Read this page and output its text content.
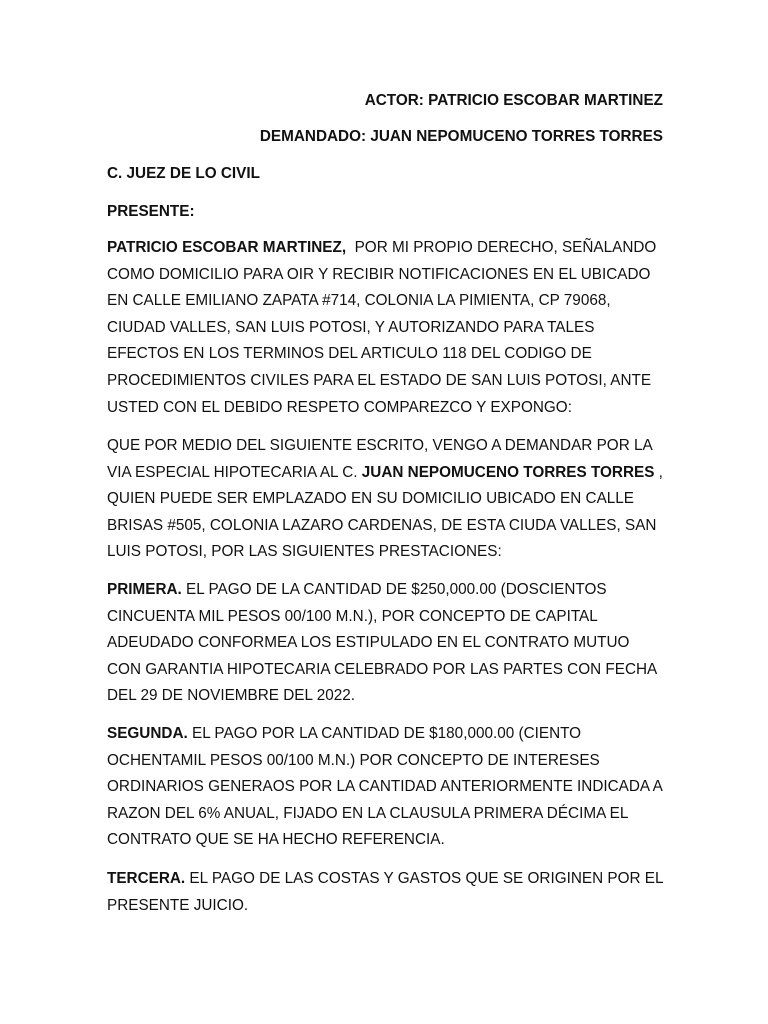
ACTOR: PATRICIO ESCOBAR MARTINEZ
DEMANDADO: JUAN NEPOMUCENO TORRES TORRES
C. JUEZ DE LO CIVIL
PRESENTE:
PATRICIO ESCOBAR MARTINEZ,  POR MI PROPIO DERECHO, SEÑALANDO
COMO DOMICILIO PARA OIR Y RECIBIR NOTIFICACIONES EN EL UBICADO
EN CALLE EMILIANO ZAPATA #714, COLONIA LA PIMIENTA, CP 79068,
CIUDAD VALLES, SAN LUIS POTOSI, Y AUTORIZANDO PARA TALES
EFECTOS EN LOS TERMINOS DEL ARTICULO 118 DEL CODIGO DE
PROCEDIMIENTOS CIVILES PARA EL ESTADO DE SAN LUIS POTOSI, ANTE
USTED CON EL DEBIDO RESPETO COMPAREZCO Y EXPONGO:
QUE POR MEDIO DEL SIGUIENTE ESCRITO, VENGO A DEMANDAR POR LA
VIA ESPECIAL HIPOTECARIA AL C. JUAN NEPOMUCENO TORRES TORRES ,
QUIEN PUEDE SER EMPLAZADO EN SU DOMICILIO UBICADO EN CALLE
BRISAS #505, COLONIA LAZARO CARDENAS, DE ESTA CIUDA VALLES, SAN
LUIS POTOSI, POR LAS SIGUIENTES PRESTACIONES:
PRIMERA. EL PAGO DE LA CANTIDAD DE $250,000.00 (DOSCIENTOS
CINCUENTA MIL PESOS 00/100 M.N.), POR CONCEPTO DE CAPITAL
ADEUDADO CONFORMEA LOS ESTIPULADO EN EL CONTRATO MUTUO
CON GARANTIA HIPOTECARIA CELEBRADO POR LAS PARTES CON FECHA
DEL 29 DE NOVIEMBRE DEL 2022.
SEGUNDA. EL PAGO POR LA CANTIDAD DE $180,000.00 (CIENTO
OCHENTAMIL PESOS 00/100 M.N.) POR CONCEPTO DE INTERESES
ORDINARIOS GENERAOS POR LA CANTIDAD ANTERIORMENTE INDICADA A
RAZON DEL 6% ANUAL, FIJADO EN LA CLAUSULA PRIMERA DÉCIMA EL
CONTRATO QUE SE HA HECHO REFERENCIA.
TERCERA. EL PAGO DE LAS COSTAS Y GASTOS QUE SE ORIGINEN POR EL
PRESENTE JUICIO.
